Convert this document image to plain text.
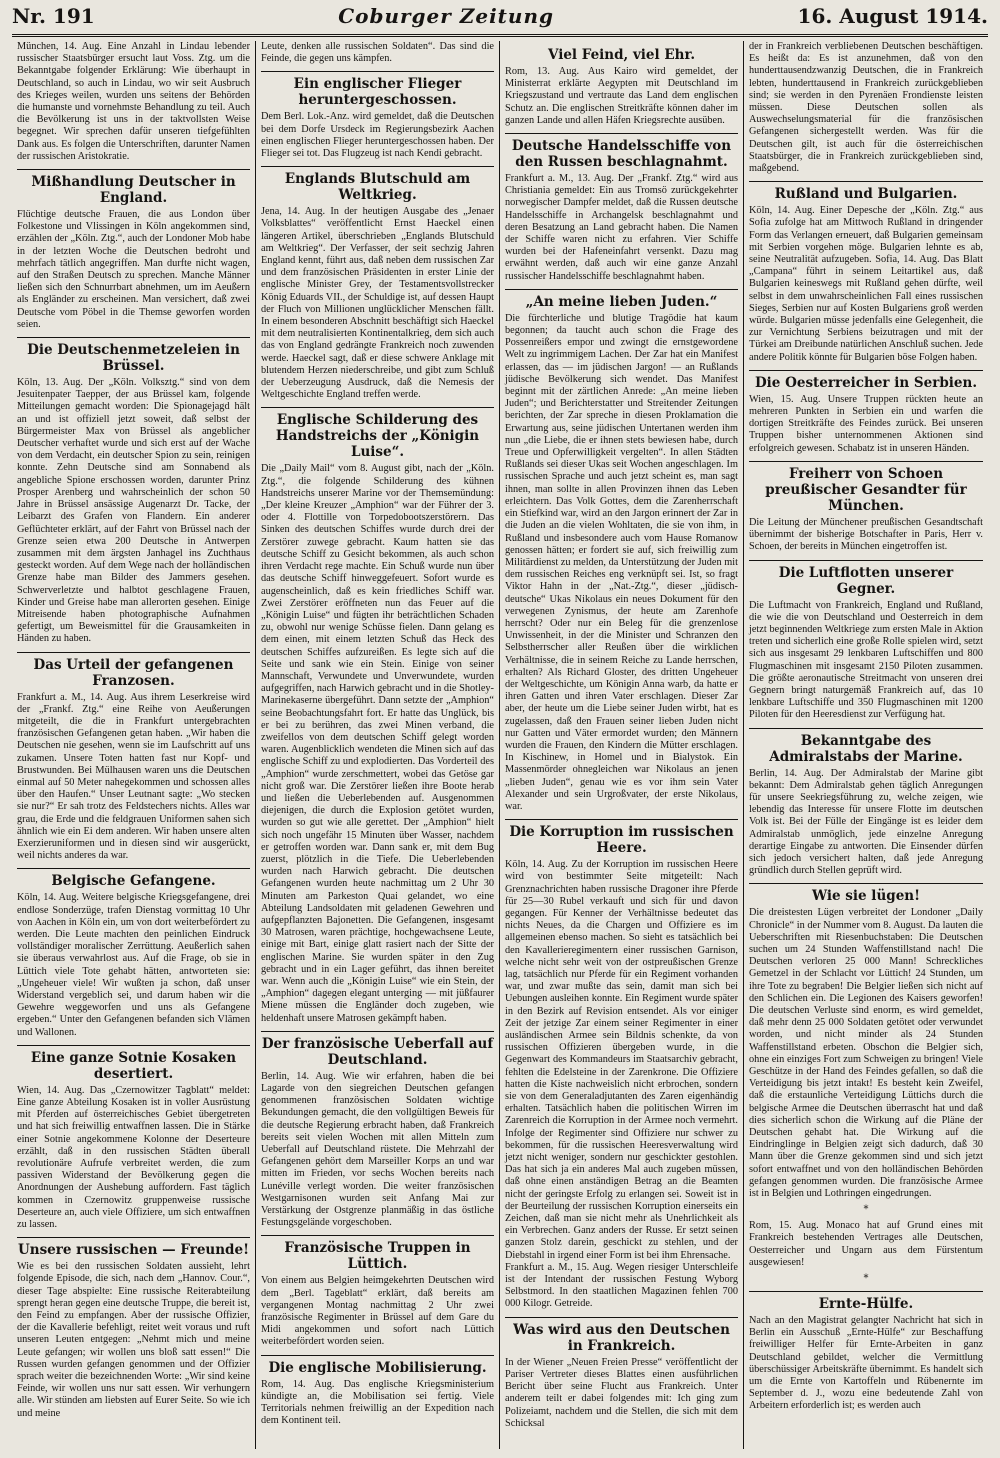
Nr. 191	Coburger Zeitung	16. August 1914.

München, 14. Aug. Eine Anzahl in Lindau lebender russischer Staatsbürger ersucht laut Voss. Ztg. um die Bekanntgabe folgender Erklärung: Wie überhaupt in Deutschland, so auch in Lindau, wo wir seit Ausbruch des Krieges weilen, wurden uns seitens der Behörden die humanste und vornehmste Behandlung zu teil. Auch die Bevölkerung ist uns in der taktvollsten Weise begegnet. Wir sprechen dafür unseren tiefgefühlten Dank aus. Es folgen die Unterschriften, darunter Namen der russischen Aristokratie.

Mißhandlung Deutscher in England.

Flüchtige deutsche Frauen, die aus London über Folkestone und Vlissingen in Köln angekommen sind, erzählen der „Köln. Ztg.“, auch der Londoner Mob habe in der letzten Woche die Deutschen bedroht und mehrfach tätlich angegriffen. Man durfte nicht wagen, auf den Straßen Deutsch zu sprechen. Manche Männer ließen sich den Schnurrbart abnehmen, um im Aeußern als Engländer zu erscheinen. Man versichert, daß zwei Deutsche vom Pöbel in die Themse geworfen worden seien.

Die Deutschenmetzeleien in Brüssel.

Köln, 13. Aug. Der „Köln. Volksztg.“ sind von dem Jesuitenpater Taepper, der aus Brüssel kam, folgende Mitteilungen gemacht worden: Die Spionagejagd hält an und ist offiziell jetzt soweit, daß selbst der Bürgermeister Max von Brüssel als angeblicher Deutscher verhaftet wurde und sich erst auf der Wache von dem Verdacht, ein deutscher Spion zu sein, reinigen konnte. Zehn Deutsche sind am Sonnabend als angebliche Spione erschossen worden, darunter Prinz Prosper Arenberg und wahrscheinlich der schon 50 Jahre in Brüssel ansässige Augenarzt Dr. Tacke, der Leibarzt des Grafen von Flandern. Ein anderer Geflüchteter erklärt, auf der Fahrt von Brüssel nach der Grenze seien etwa 200 Deutsche in Antwerpen zusammen mit dem ärgsten Janhagel ins Zuchthaus gesteckt worden. Auf dem Wege nach der holländischen Grenze habe man Bilder des Jammers gesehen. Schwerverletzte und halbtot geschlagene Frauen, Kinder und Greise habe man allerorten gesehen. Einige Mitreisende haben photographische Aufnahmen gefertigt, um Beweismittel für die Grausamkeiten in Händen zu haben.

Das Urteil der gefangenen Franzosen.

Frankfurt a. M., 14. Aug. Aus ihrem Leserkreise wird der „Frankf. Ztg.“ eine Reihe von Aeußerungen mitgeteilt, die die in Frankfurt untergebrachten französischen Gefangenen getan haben. „Wir haben die Deutschen nie gesehen, wenn sie im Laufschritt auf uns zukamen. Unsere Toten hatten fast nur Kopf- und Brustwunden. Bei Mülhausen waren uns die Deutschen einmal auf 50 Meter nahegekommen und schossen alles über den Haufen.“ Unser Leutnant sagte: „Wo stecken sie nur?“ Er sah trotz des Feldstechers nichts. Alles war grau, die Erde und die feldgrauen Uniformen sahen sich ähnlich wie ein Ei dem anderen. Wir haben unsere alten Exerzieruniformen und in diesen sind wir ausgerückt, weil nichts anderes da war.

Belgische Gefangene.

Köln, 14. Aug. Weitere belgische Kriegsgefangene, drei endlose Sonderzüge, trafen Dienstag vormittag 10 Uhr von Aachen in Köln ein, um von dort weiterbefördert zu werden. Die Leute machten den peinlichen Eindruck vollständiger moralischer Zerrüttung. Aeußerlich sahen sie überaus verwahrlost aus. Auf die Frage, ob sie in Lüttich viele Tote gehabt hätten, antworteten sie: „Ungeheuer viele! Wir wußten ja schon, daß unser Widerstand vergeblich sei, und darum haben wir die Gewehre weggeworfen und uns als Gefangene ergeben.“ Unter den Gefangenen befanden sich Vlämen und Wallonen.

Eine ganze Sotnie Kosaken desertiert.

Wien, 14. Aug. Das „Czernowitzer Tagblatt“ meldet: Eine ganze Abteilung Kosaken ist in voller Ausrüstung mit Pferden auf österreichisches Gebiet übergetreten und hat sich freiwillig entwaffnen lassen. Die in Stärke einer Sotnie angekommene Kolonne der Deserteure erzählt, daß in den russischen Städten überall revolutionäre Aufrufe verbreitet werden, die zum passiven Widerstand der Bevölkerung gegen die Anordnungen der Aushebung auffordern. Fast täglich kommen in Czernowitz gruppenweise russische Deserteure an, auch viele Offiziere, um sich entwaffnen zu lassen.

Unsere russischen — Freunde!

Wie es bei den russischen Soldaten aussieht, lehrt folgende Episode, die sich, nach dem „Hannov. Cour.“, dieser Tage abspielte: Eine russische Reiterabteilung sprengt heran gegen eine deutsche Truppe, die bereit ist, den Feind zu empfangen. Aber der russische Offizier, der die Kavallerie befehligt, reitet weit voraus und ruft unseren Leuten entgegen: „Nehmt mich und meine Leute gefangen; wir wollen uns bloß satt essen!“ Die Russen wurden gefangen genommen und der Offizier sprach weiter die bezeichnenden Worte: „Wir sind keine Feinde, wir wollen uns nur satt essen. Wir verhungern alle. Wir stünden am liebsten auf Eurer Seite. So wie ich und meine

Leute, denken alle russischen Soldaten“. Das sind die Feinde, die gegen uns kämpfen.

Ein englischer Flieger heruntergeschossen.

Dem Berl. Lok.-Anz. wird gemeldet, daß die Deutschen bei dem Dorfe Ursdeck im Regierungsbezirk Aachen einen englischen Flieger heruntergeschossen haben. Der Flieger sei tot. Das Flugzeug ist nach Kendi gebracht.

Englands Blutschuld am Weltkrieg.

Jena, 14. Aug. In der heutigen Ausgabe des „Jenaer Volksblattes“ veröffentlicht Ernst Haeckel einen längeren Artikel, überschrieben „Englands Blutschuld am Weltkrieg“. Der Verfasser, der seit sechzig Jahren England kennt, führt aus, daß neben dem russischen Zar und dem französischen Präsidenten in erster Linie der englische Minister Grey, der Testamentsvollstrecker König Eduards VII., der Schuldige ist, auf dessen Haupt der Fluch von Millionen unglücklicher Menschen fällt. In einem besonderen Abschnitt beschäftigt sich Haeckel mit dem neutralisierten Kontinentalkrieg, dem sich auch das von England gedrängte Frankreich noch zuwenden werde. Haeckel sagt, daß er diese schwere Anklage mit blutendem Herzen niederschreibe, und gibt zum Schluß der Ueberzeugung Ausdruck, daß die Nemesis der Weltgeschichte England treffen werde.

Englische Schilderung des Handstreichs der „Königin Luise“.

Die „Daily Mail“ vom 8. August gibt, nach der „Köln. Ztg.“, die folgende Schilderung des kühnen Handstreichs unserer Marine vor der Themsemündung: „Der kleine Kreuzer „Amphion“ war der Führer der 3. oder 4. Flottille von Torpedobootszerstörern. Das Sinken des deutschen Schiffes wurde durch drei der Zerstörer zuwege gebracht. Kaum hatten sie das deutsche Schiff zu Gesicht bekommen, als auch schon ihren Verdacht rege machte. Ein Schuß wurde nun über das deutsche Schiff hinweggefeuert. Sofort wurde es augenscheinlich, daß es kein friedliches Schiff war. Zwei Zerstörer eröffneten nun das Feuer auf die „Königin Luise“ und fügten ihr beträchtlichen Schaden zu, obwohl nur wenige Schüsse fielen. Dann gelang es dem einen, mit einem letzten Schuß das Heck des deutschen Schiffes aufzureißen. Es legte sich auf die Seite und sank wie ein Stein. Einige von seiner Mannschaft, Verwundete und Unverwundete, wurden aufgegriffen, nach Harwich gebracht und in die Shotley-Marinekaserne übergeführt. Dann setzte der „Amphion“ seine Beobachtungsfahrt fort. Er hatte das Unglück, bis er bei zu berühren, das zwei Minen verband, die zweifellos von dem deutschen Schiff gelegt worden waren. Augenblicklich wendeten die Minen sich auf das englische Schiff zu und explodierten. Das Vorderteil des „Amphion“ wurde zerschmettert, wobei das Getöse gar nicht groß war. Die Zerstörer ließen ihre Boote herab und ließen die Ueberlebenden auf. Ausgenommen diejenigen, die durch die Explosion getötet wurden, wurden so gut wie alle gerettet. Der „Amphion“ hielt sich noch ungefähr 15 Minuten über Wasser, nachdem er getroffen worden war. Dann sank er, mit dem Bug zuerst, plötzlich in die Tiefe. Die Ueberlebenden wurden nach Harwich gebracht. Die deutschen Gefangenen wurden heute nachmittag um 2 Uhr 30 Minuten am Parkeston Quai gelandet, wo eine Abteilung Landsoldaten mit geladenen Gewehren und aufgepflanzten Bajonetten. Die Gefangenen, insgesamt 30 Matrosen, waren prächtige, hochgewachsene Leute, einige mit Bart, einige glatt rasiert nach der Sitte der englischen Marine. Sie wurden später in den Zug gebracht und in ein Lager geführt, das ihnen bereitet war. Wenn auch die „Königin Luise“ wie ein Stein, der „Amphion“ dagegen elegant unterging — mit jüßfaurer Miene müssen die Engländer doch zugeben, wie heldenhaft unsere Matrosen gekämpft haben.

Der französische Ueberfall auf Deutschland.

Berlin, 14. Aug. Wie wir erfahren, haben die bei Lagarde von den siegreichen Deutschen gefangen genommenen französischen Soldaten wichtige Bekundungen gemacht, die den vollgültigen Beweis für die deutsche Regierung erbracht haben, daß Frankreich bereits seit vielen Wochen mit allen Mitteln zum Ueberfall auf Deutschland rüstete. Die Mehrzahl der Gefangenen gehört dem Marseiller Korps an und war mitten im Frieden, vor sechs Wochen bereits nach Lunéville verlegt worden. Die weiter französischen Westgarnisonen wurden seit Anfang Mai zur Verstärkung der Ostgrenze planmäßig in das östliche Festungsgelände vorgeschoben.

Französische Truppen in Lüttich.

Von einem aus Belgien heimgekehrten Deutschen wird dem „Berl. Tageblatt“ erklärt, daß bereits am vergangenen Montag nachmittag 2 Uhr zwei französische Regimenter in Brüssel auf dem Gare du Midi angekommen und sofort nach Lüttich weiterbefördert worden seien.

Die englische Mobilisierung.

Rom, 14. Aug. Das englische Kriegsministerium kündigte an, die Mobilisation sei fertig. Viele Territorials nehmen freiwillig an der Expedition nach dem Kontinent teil.

Viel Feind, viel Ehr.

Rom, 13. Aug. Aus Kairo wird gemeldet, der Ministerrat erklärte Aegypten mit Deutschland im Kriegszustand und vertraute das Land dem englischen Schutz an. Die englischen Streitkräfte können daher im ganzen Lande und allen Häfen Kriegsrechte ausüben.

Deutsche Handelsschiffe von den Russen beschlagnahmt.

Frankfurt a. M., 13. Aug. Der „Frankf. Ztg.“ wird aus Christiania gemeldet: Ein aus Tromsö zurückgekehrter norwegischer Dampfer meldet, daß die Russen deutsche Handelsschiffe in Archangelsk beschlagnahmt und deren Besatzung an Land gebracht haben. Die Namen der Schiffe waren nicht zu erfahren. Vier Schiffe wurden bei der Hafeneinfahrt versenkt. Dazu mag erwähnt werden, daß auch wir eine ganze Anzahl russischer Handelsschiffe beschlagnahmt haben.

„An meine lieben Juden.“

Die fürchterliche und blutige Tragödie hat kaum begonnen; da taucht auch schon die Frage des Possenreißers empor und zwingt die ernstgewordene Welt zu ingrimmigem Lachen. Der Zar hat ein Manifest erlassen, das — im jüdischen Jargon! — an Rußlands jüdische Bevölkerung sich wendet. Das Manifest beginnt mit der zärtlichen Anrede: „An meine lieben Juden“; und Berichterstatter und Streitender Zeitungen berichten, der Zar spreche in diesen Proklamation die Erwartung aus, seine jüdischen Untertanen werden ihm nun „die Liebe, die er ihnen stets bewiesen habe, durch Treue und Opferwilligkeit vergelten“. In allen Städten Rußlands sei dieser Ukas seit Wochen angeschlagen. Im russischen Sprache und auch jetzt scheint es, man sagt ihnen, man sollte in allen Provinzen ihnen das Leben erleichtern. Das Volk Gottes, dem die Zarenherrschaft ein Stiefkind war, wird an den Jargon erinnert der Zar in die Juden an die vielen Wohltaten, die sie von ihm, in Rußland und insbesondere auch vom Hause Romanow genossen hätten; er fordert sie auf, sich freiwillig zum Militärdienst zu melden, da Unterstützung der Juden mit dem russischen Reiches eng verknüpft sei. Ist, so fragt Viktor Hahn in der „Nat.-Ztg.“, dieser „jüdisch-deutsche“ Ukas Nikolaus ein neues Dokument für den verwegenen Zynismus, der heute am Zarenhofe herrscht? Oder nur ein Beleg für die grenzenlose Unwissenheit, in der die Minister und Schranzen den Selbstherrscher aller Reußen über die wirklichen Verhältnisse, die in seinem Reiche zu Lande herrschen, erhalten? Als Richard Gloster, des dritten Ungeheuer der Weltgeschichte, um Königin Anna warb, da hatte er ihren Gatten und ihren Vater erschlagen. Dieser Zar aber, der heute um die Liebe seiner Juden wirbt, hat es zugelassen, daß den Frauen seiner lieben Juden nicht nur Gatten und Väter ermordet wurden; den Männern wurden die Frauen, den Kindern die Mütter erschlagen. In Kischinew, in Homel und in Bialystok. Ein Massenmörder ohnegleichen war Nikolaus an jenen „lieben Juden“, genau wie es vor ihm sein Vater Alexander und sein Urgroßvater, der erste Nikolaus, war.

Die Korruption im russischen Heere.

Köln, 14. Aug. Zu der Korruption im russischen Heere wird von bestimmter Seite mitgeteilt: Nach Grenznachrichten haben russische Dragoner ihre Pferde für 25—30 Rubel verkauft und sich für und davon gegangen. Für Kenner der Verhältnisse bedeutet das nichts Neues, da die Chargen und Offiziere es im allgemeinen ebenso machen. So sieht es tatsächlich bei den Kavallerieregimentern einer russischen Garnison, welche nicht sehr weit von der ostpreußischen Grenze lag, tatsächlich nur Pferde für ein Regiment vorhanden war, und zwar mußte das sein, damit man sich bei Uebungen ausleihen konnte. Ein Regiment wurde später in den Bezirk auf Revision entsendet. Als vor einiger Zeit der jetzige Zar einem seiner Regimenter in einer ausländischen Armee sein Bildnis schenkte, da von russischen Offizieren übergeben wurde, in die Gegenwart des Kommandeurs im Staatsarchiv gebracht, fehlten die Edelsteine in der Zarenkrone. Die Offiziere hatten die Kiste nachweislich nicht erbrochen, sondern sie von dem Generaladjutanten des Zaren eigenhändig erhalten. Tatsächlich haben die politischen Wirren im Zarenreich die Korruption in der Armee noch vermehrt. Infolge der Regimenter sind Offiziere nur schwer zu bekommen, für die russischen Heeresverwaltung wird jetzt nicht weniger, sondern nur geschickter gestohlen. Das hat sich ja ein anderes Mal auch zugeben müssen, daß ohne einen anständigen Betrag an die Beamten nicht der geringste Erfolg zu erlangen sei. Soweit ist in der Beurteilung der russischen Korruption einerseits ein Zeichen, daß man sie nicht mehr als Unehrlichkeit als ein Verbrechen. Ganz anders der Russe. Er setzt seinen ganzen Stolz darein, geschickt zu stehlen, und der Diebstahl in irgend einer Form ist bei ihm Ehrensache.

Frankfurt a. M., 15. Aug. Wegen riesiger Unterschleife ist der Intendant der russischen Festung Wyborg Selbstmord. In den staatlichen Magazinen fehlen 700 000 Kilogr. Getreide.

Was wird aus den Deutschen in Frankreich.

In der Wiener „Neuen Freien Presse“ veröffentlicht der Pariser Vertreter dieses Blattes einen ausführlichen Bericht über seine Flucht aus Frankreich. Unter anderem teilt er dabei folgendes mit: Ich ging zum Polizeiamt, nachdem und die Stellen, die sich mit dem Schicksal

der in Frankreich verbliebenen Deutschen beschäftigen. Es heißt da: Es ist anzunehmen, daß von den hunderttausendzwanzig Deutschen, die in Frankreich lebten, hunderttausend in Frankreich zurückgeblieben sind; sie werden in den Pyrenäen Frondienste leisten müssen. Diese Deutschen sollen als Auswechselungsmaterial für die französischen Gefangenen sichergestellt werden. Was für die Deutschen gilt, ist auch für die österreichischen Staatsbürger, die in Frankreich zurückgeblieben sind, maßgebend.

Rußland und Bulgarien.

Köln, 14. Aug. Einer Depesche der „Köln. Ztg.“ aus Sofia zufolge hat am Mittwoch Rußland in dringender Form das Verlangen erneuert, daß Bulgarien gemeinsam mit Serbien vorgehen möge. Bulgarien lehnte es ab, seine Neutralität aufzugeben. Sofia, 14. Aug. Das Blatt „Campana“ führt in seinem Leitartikel aus, daß Bulgarien keineswegs mit Rußland gehen dürfte, weil selbst in dem unwahrscheinlichen Fall eines russischen Sieges, Serbien nur auf Kosten Bulgariens groß werden würde. Bulgarien müsse jedenfalls eine Gelegenheit, die zur Vernichtung Serbiens beizutragen und mit der Türkei am Dreibunde natürlichen Anschluß suchen. Jede andere Politik könnte für Bulgarien böse Folgen haben.

Die Oesterreicher in Serbien.

Wien, 15. Aug. Unsere Truppen rückten heute an mehreren Punkten in Serbien ein und warfen die dortigen Streitkräfte des Feindes zurück. Bei unseren Truppen bisher unternommenen Aktionen sind erfolgreich gewesen. Schabatz ist in unseren Händen.

Freiherr von Schoen preußischer Gesandter für München.

Die Leitung der Münchener preußischen Gesandtschaft übernimmt der bisherige Botschafter in Paris, Herr v. Schoen, der bereits in München eingetroffen ist.

Die Luftflotten unserer Gegner.

Die Luftmacht von Frankreich, England und Rußland, die wie die von Deutschland und Oesterreich in dem jetzt beginnenden Weltkriege zum ersten Male in Aktion treten und sicherlich eine große Rolle spielen wird, setzt sich aus insgesamt 29 lenkbaren Luftschiffen und 800 Flugmaschinen mit insgesamt 2150 Piloten zusammen. Die größte aeronautische Streitmacht von unseren drei Gegnern bringt naturgemäß Frankreich auf, das 10 lenkbare Luftschiffe und 350 Flugmaschinen mit 1200 Piloten für den Heeresdienst zur Verfügung hat.

Bekanntgabe des Admiralstabs der Marine.

Berlin, 14. Aug. Der Admiralstab der Marine gibt bekannt: Dem Admiralstab gehen täglich Anregungen für unsere Seekriegsführung zu, welche zeigen, wie lebendig das Interesse für unsere Flotte im deutschen Volk ist. Bei der Fülle der Eingänge ist es leider dem Admiralstab unmöglich, jede einzelne Anregung derartige Eingabe zu antworten. Die Einsender dürfen sich jedoch versichert halten, daß jede Anregung gründlich durch Stellen geprüft wird.

Wie sie lügen!

Die dreistesten Lügen verbreitet der Londoner „Daily Chronicle“ in der Nummer vom 8. August. Da lauten die Ueberschriften mit Riesenbuchstaben: Die Deutschen suchen um 24 Stunden Waffenstillstand nach! Die Deutschen verloren 25 000 Mann! Schreckliches Gemetzel in der Schlacht vor Lüttich! 24 Stunden, um ihre Tote zu begraben! Die Belgier ließen sich nicht auf den Schlichen ein. Die Legionen des Kaisers geworfen! Die deutschen Verluste sind enorm, es wird gemeldet, daß mehr denn 25 000 Soldaten getötet oder verwundet worden, und nicht minder als 24 Stunden Waffenstillstand erbeten. Obschon die Belgier sich, ohne ein einziges Fort zum Schweigen zu bringen! Viele Geschütze in der Hand des Feindes gefallen, so daß die Verteidigung bis jetzt intakt! Es besteht kein Zweifel, daß die erstaunliche Verteidigung Lüttichs durch die belgische Armee die Deutschen überrascht hat und daß dies sicherlich schon die Wirkung auf die Pläne der Deutschen gehabt hat. Die Wirkung auf die Eindringlinge in Belgien zeigt sich dadurch, daß 30 Mann über die Grenze gekommen sind und sich jetzt sofort entwaffnet und von den holländischen Behörden gefangen genommen wurden. Die französische Armee ist in Belgien und Lothringen eingedrungen.

*

Rom, 15. Aug. Monaco hat auf Grund eines mit Frankreich bestehenden Vertrages alle Deutschen, Oesterreicher und Ungarn aus dem Fürstentum ausgewiesen!

*
Ernte-Hülfe.

Nach an den Magistrat gelangter Nachricht hat sich in Berlin ein Ausschuß „Ernte-Hülfe“ zur Beschaffung freiwilliger Helfer für Ernte-Arbeiten in ganz Deutschland gebildet, welcher die Vermittlung überschüssiger Arbeitskräfte übernimmt. Es handelt sich um die Ernte von Kartoffeln und Rübenernte im September d. J., wozu eine bedeutende Zahl von Arbeitern erforderlich ist; es werden auch
